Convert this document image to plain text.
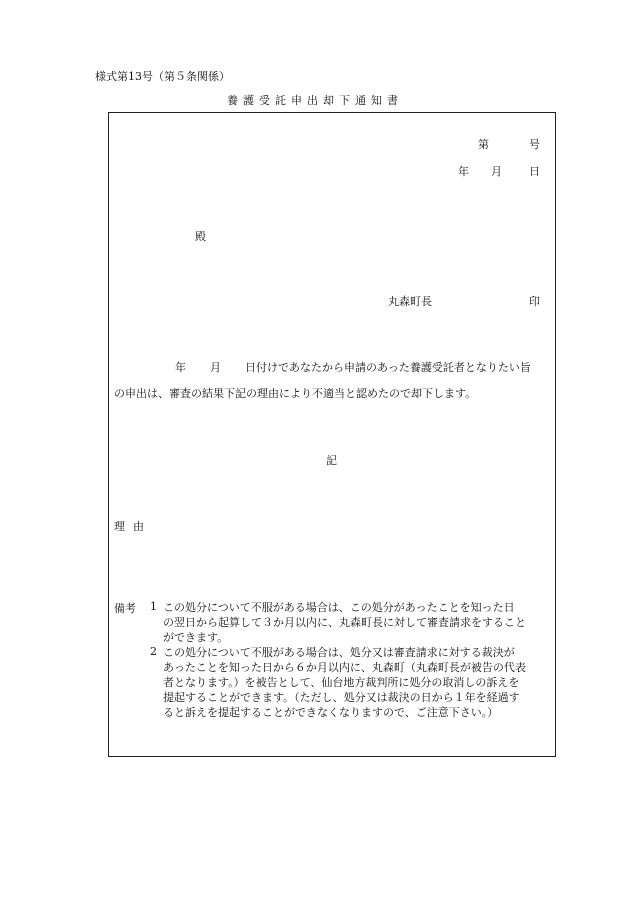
様式第13号（第５条関係）
養護受託申出却下通知書
第	号
年 月 日
殿
丸森町長	印
年 月 日付けであなたから申請のあった養護受託者となりたい旨
の申出は、審査の結果下記の理由により不適当と認めたので却下します。
記
理由
備考 1 この処分について不服がある場合は、この処分があったことを知った日
の翌日から起算して３か月以内に、丸森町長に対して審査請求をすること
ができます。
2 この処分について不服がある場合は、処分又は審査請求に対する裁決が
あったことを知った日から６か月以内に、丸森町（丸森町長が被告の代表
者となります。）を被告として、仙台地方裁判所に処分の取消しの訴えを
提起することができます。（ただし、処分又は裁決の日から１年を経過す
ると訴えを提起することができなくなりますので、ご注意下さい。）
